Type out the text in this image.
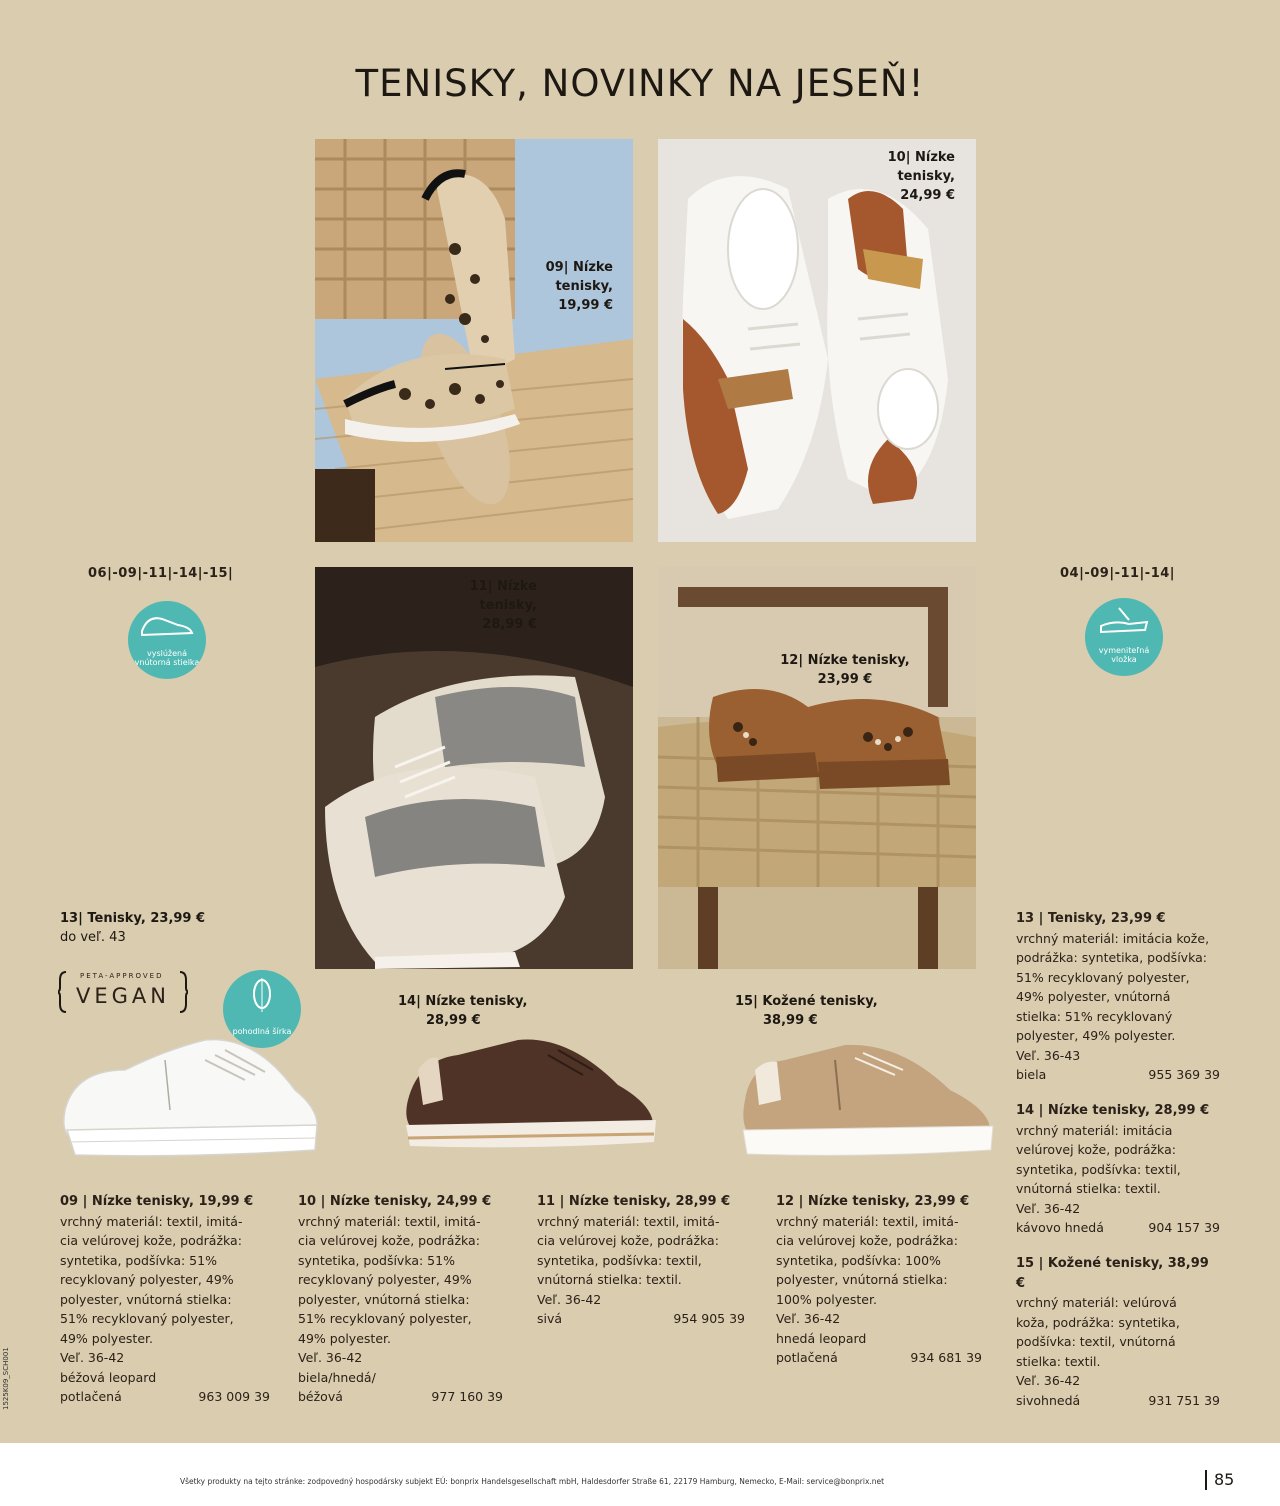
TENISKY, NOVINKY NA JESEŇ!
09| Nízke
tenisky,
19,99 €
10| Nízke
tenisky,
24,99 €
11| Nízke
tenisky,
28,99 €
12| Nízke tenisky,
23,99 €
06|-09|-11|-14|-15|
vyslúžená vnútorná stielka
04|-09|-11|-14|
vymeniteľná vložka
13| Tenisky, 23,99 €
do veľ. 43
PETA-APPROVED
VEGAN
pohodlná šírka
14| Nízke tenisky,
28,99 €
15| Kožené tenisky,
38,99 €
09 | Nízke tenisky, 19,99 €
vrchný materiál: textil, imitá-
cia velúrovej kože, podrážka:
syntetika, podšívka: 51%
recyklovaný polyester, 49%
polyester, vnútorná stielka:
51% recyklovaný polyester,
49% polyester.
Veľ. 36-42
béžová leopard
potlačená	963 009 39
10 | Nízke tenisky, 24,99 €
vrchný materiál: textil, imitá-
cia velúrovej kože, podrážka:
syntetika, podšívka: 51%
recyklovaný polyester, 49%
polyester, vnútorná stielka:
51% recyklovaný polyester,
49% polyester.
Veľ. 36-42
biela/hnedá/
béžová	977 160 39
11 | Nízke tenisky, 28,99 €
vrchný materiál: textil, imitá-
cia velúrovej kože, podrážka:
syntetika, podšívka: textil,
vnútorná stielka: textil.
Veľ. 36-42
sivá	954 905 39
12 | Nízke tenisky, 23,99 €
vrchný materiál: textil, imitá-
cia velúrovej kože, podrážka:
syntetika, podšívka: 100%
polyester, vnútorná stielka:
100% polyester.
Veľ. 36-42
hnedá leopard
potlačená	934 681 39
13 | Tenisky, 23,99 €
vrchný materiál: imitácia kože,
podrážka: syntetika, podšívka:
51% recyklovaný polyester,
49% polyester, vnútorná
stielka: 51% recyklovaný
polyester, 49% polyester.
Veľ. 36-43
biela	955 369 39
14 | Nízke tenisky, 28,99 €
vrchný materiál: imitácia
velúrovej kože, podrážka:
syntetika, podšívka: textil,
vnútorná stielka: textil.
Veľ. 36-42
kávovo hnedá	904 157 39
15 | Kožené tenisky, 38,99 €
vrchný materiál: velúrová
koža, podrážka: syntetika,
podšívka: textil, vnútorná
stielka: textil.
Veľ. 36-42
sivohnedá	931 751 39
1525K09_SCH001
Všetky produkty na tejto stránke: zodpovedný hospodársky subjekt EÚ: bonprix Handelsgesellschaft mbH, Haldesdorfer Straße 61, 22179 Hamburg, Nemecko, E-Mail: service@bonprix.net	85
